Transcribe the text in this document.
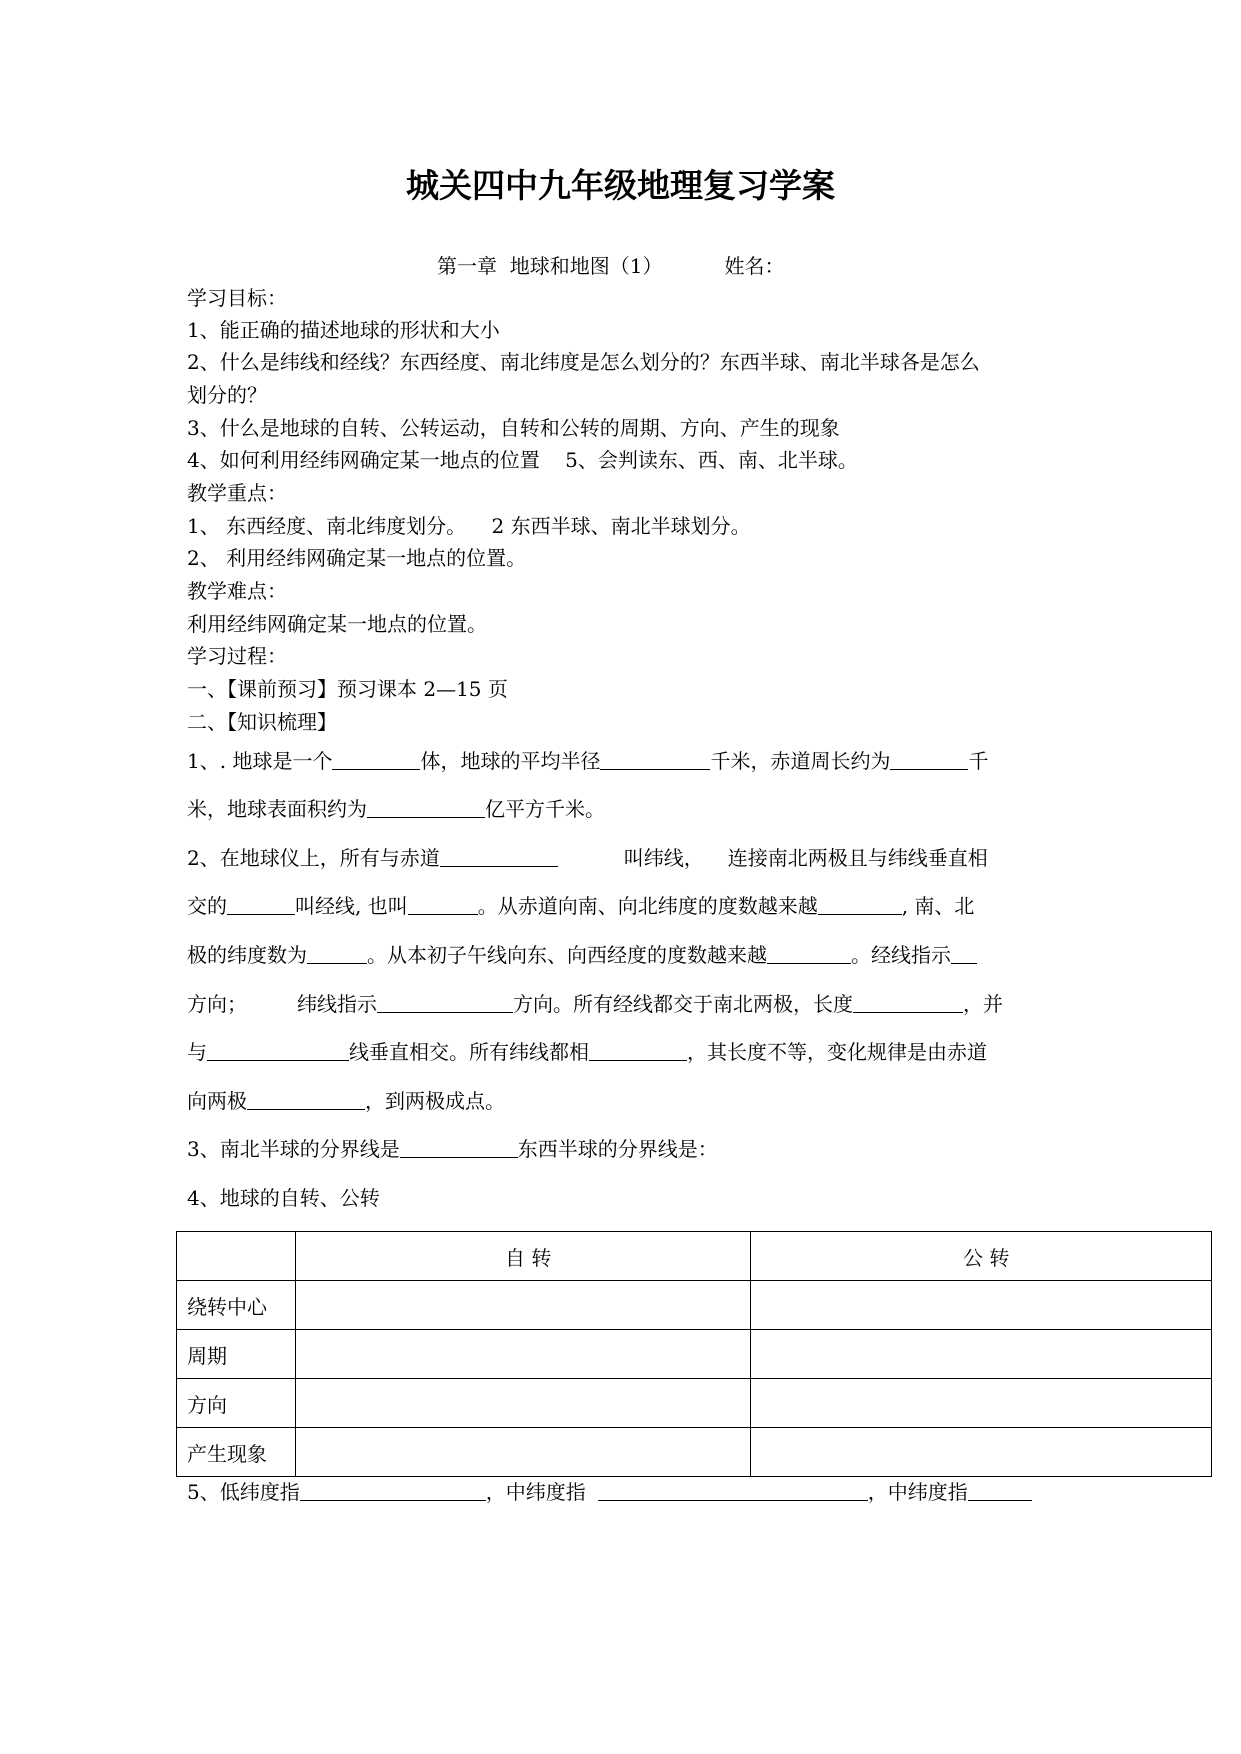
城关四中九年级地理复习学案
第一章  地球和地图（1）	姓名：
学习目标：
1、能正确的描述地球的形状和大小
2、什么是纬线和经线？东西经度、南北纬度是怎么划分的？东西半球、南北半球各是怎么
划分的？
3、什么是地球的自转、公转运动，自转和公转的周期、方向、产生的现象
4、如何利用经纬网确定某一地点的位置    5、会判读东、西、南、北半球。
教学重点：
1、 东西经度、南北纬度划分。    2 东西半球、南北半球划分。
2、 利用经纬网确定某一地点的位置。
教学难点：
利用经纬网确定某一地点的位置。
学习过程：
一、【课前预习】预习课本 2—15 页
二、【知识梳理】
1、. 地球是一个	体，地球的平均半径	千米，赤道周长约为	千
米，地球表面积约为	亿平方千米。
2、在地球仪上，所有与赤道	叫纬线， 连接南北两极且与纬线垂直相
交的	叫经线, 也叫	。从赤道向南、向北纬度的度数越来越	, 南、北
极的纬度数为	。从本初子午线向东、向西经度的度数越来越	。经线指示
方向；	纬线指示	方向。所有经线都交于南北两极，长度	，并
与	线垂直相交。所有纬线都相	，其长度不等，变化规律是由赤道
向两极	，到两极成点。
3、南北半球的分界线是	东西半球的分界线是：
4、地球的自转、公转
	自 转	公 转
绕转中心		
周期		
方向		
产生现象		
5、低纬度指	，中纬度指	，中纬度指
